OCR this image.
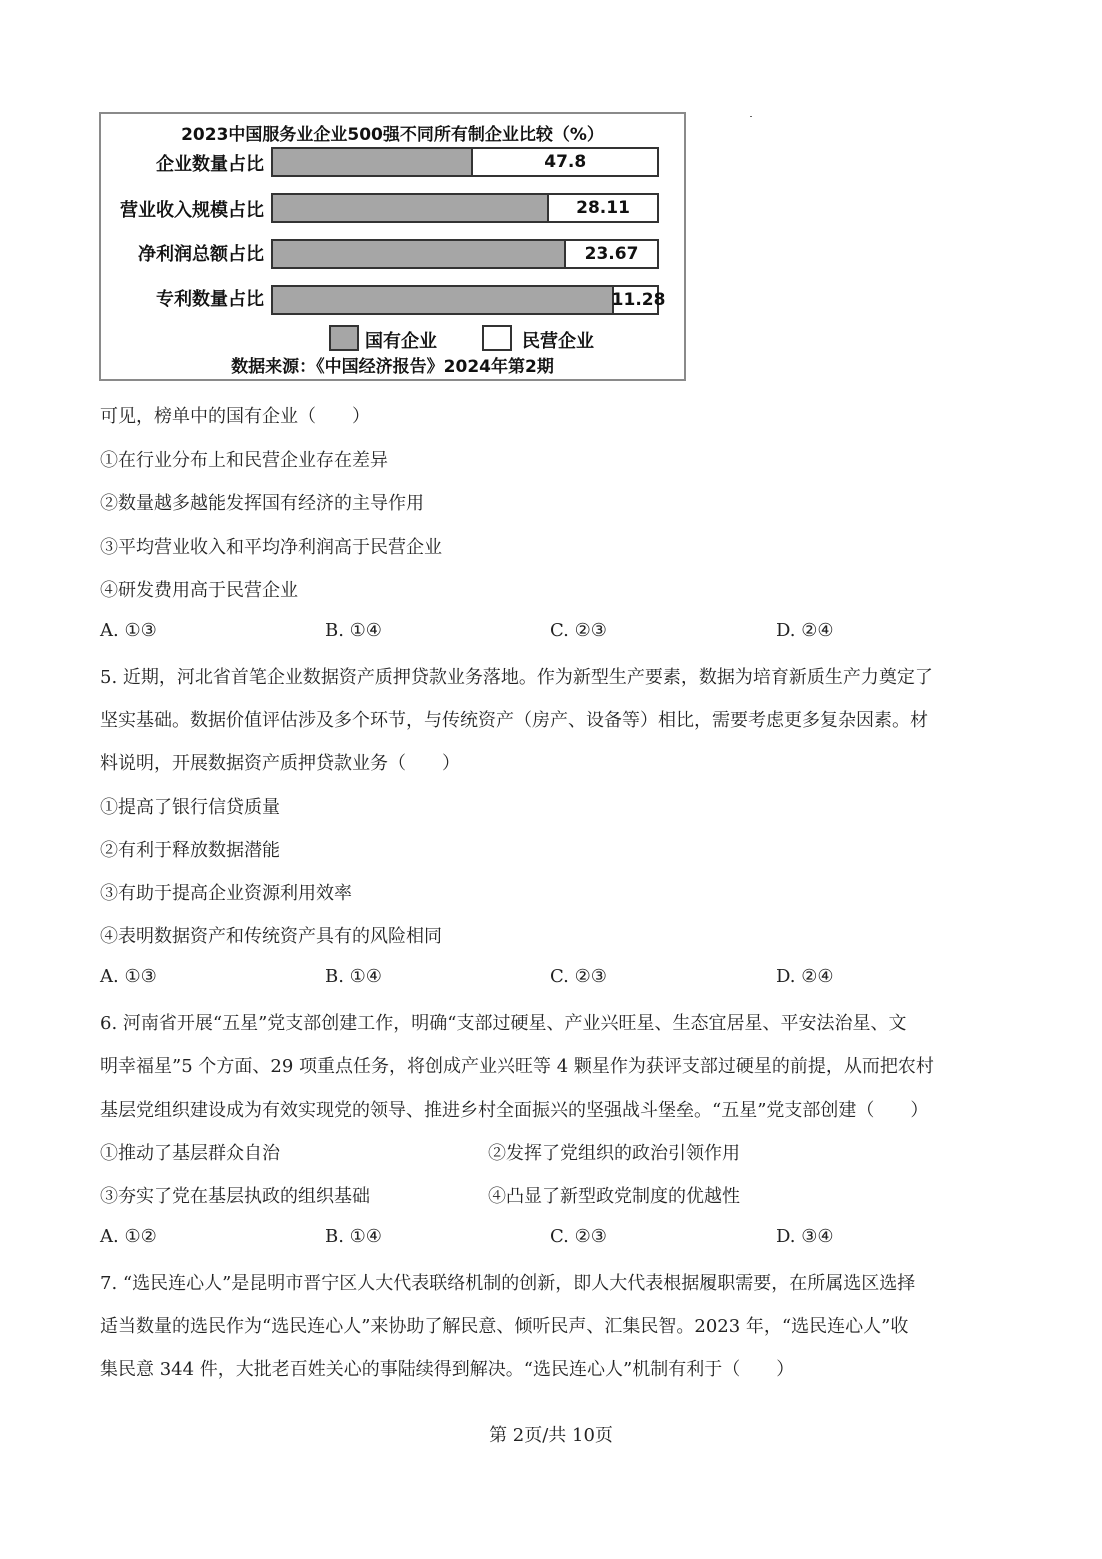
2023中国服务业企业500强不同所有制企业比较（%）
企业数量占比	47.8
营业收入规模占比	28.11
净利润总额占比	23.67
专利数量占比	11.28
国有企业	民营企业
数据来源：《中国经济报告》2024年第2期
可见，榜单中的国有企业（　　）
①在行业分布上和民营企业存在差异
②数量越多越能发挥国有经济的主导作用
③平均营业收入和平均净利润高于民营企业
④研发费用高于民营企业
A. ①③	B. ①④	C. ②③	D. ②④
5. 近期，河北省首笔企业数据资产质押贷款业务落地。作为新型生产要素，数据为培育新质生产力奠定了
坚实基础。数据价值评估涉及多个环节，与传统资产（房产、设备等）相比，需要考虑更多复杂因素。材
料说明，开展数据资产质押贷款业务（　　）
①提高了银行信贷质量
②有利于释放数据潜能
③有助于提高企业资源利用效率
④表明数据资产和传统资产具有的风险相同
A. ①③	B. ①④	C. ②③	D. ②④
6. 河南省开展“五星”党支部创建工作，明确“支部过硬星、产业兴旺星、生态宜居星、平安法治星、文
明幸福星”5 个方面、29 项重点任务，将创成产业兴旺等 4 颗星作为获评支部过硬星的前提，从而把农村
基层党组织建设成为有效实现党的领导、推进乡村全面振兴的坚强战斗堡垒。“五星”党支部创建（　　）
①推动了基层群众自治	②发挥了党组织的政治引领作用
③夯实了党在基层执政的组织基础	④凸显了新型政党制度的优越性
A. ①②	B. ①④	C. ②③	D. ③④
7. “选民连心人”是昆明市晋宁区人大代表联络机制的创新，即人大代表根据履职需要，在所属选区选择
适当数量的选民作为“选民连心人”来协助了解民意、倾听民声、汇集民智。2023 年，“选民连心人”收
集民意 344 件，大批老百姓关心的事陆续得到解决。“选民连心人”机制有利于（　　）
第 2页/共 10页
